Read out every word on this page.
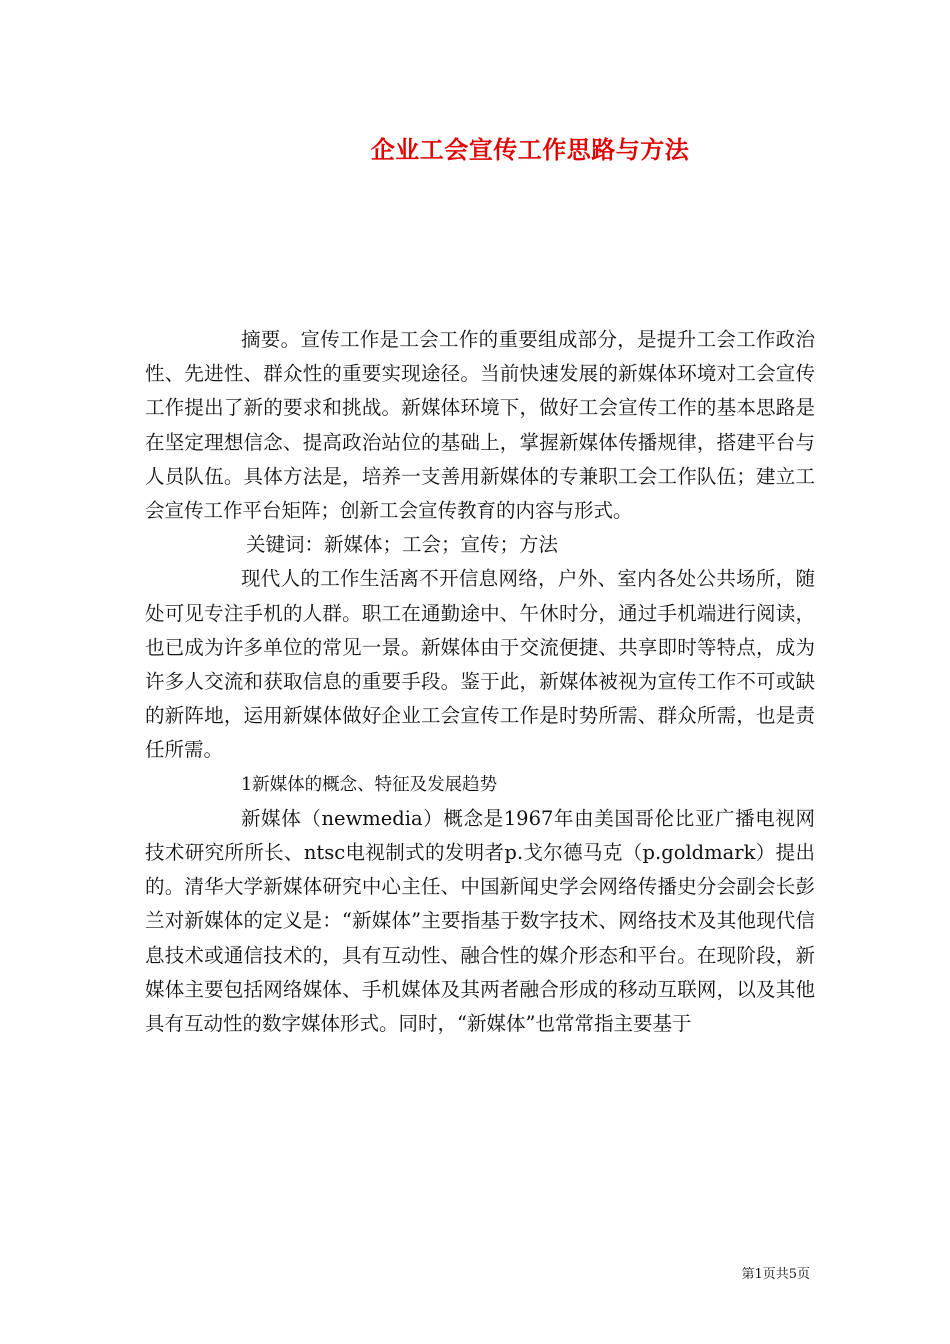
企业工会宣传工作思路与方法

摘要。宣传工作是工会工作的重要组成部分，是提升工会工作政治性、先进性、群众性的重要实现途径。当前快速发展的新媒体环境对工会宣传工作提出了新的要求和挑战。新媒体环境下，做好工会宣传工作的基本思路是在坚定理想信念、提高政治站位的基础上，掌握新媒体传播规律，搭建平台与人员队伍。具体方法是，培养一支善用新媒体的专兼职工会工作队伍；建立工会宣传工作平台矩阵；创新工会宣传教育的内容与形式。

关键词：新媒体；工会；宣传；方法

现代人的工作生活离不开信息网络，户外、室内各处公共场所，随处可见专注手机的人群。职工在通勤途中、午休时分，通过手机端进行阅读，也已成为许多单位的常见一景。新媒体由于交流便捷、共享即时等特点，成为许多人交流和获取信息的重要手段。鉴于此，新媒体被视为宣传工作不可或缺的新阵地，运用新媒体做好企业工会宣传工作是时势所需、群众所需，也是责任所需。

1新媒体的概念、特征及发展趋势

新媒体（newmedia）概念是1967年由美国哥伦比亚广播电视网技术研究所所长、ntsc电视制式的发明者p.戈尔德马克（p.goldmark）提出的。清华大学新媒体研究中心主任、中国新闻史学会网络传播史分会副会长彭兰对新媒体的定义是：“新媒体”主要指基于数字技术、网络技术及其他现代信息技术或通信技术的，具有互动性、融合性的媒介形态和平台。在现阶段，新媒体主要包括网络媒体、手机媒体及其两者融合形成的移动互联网，以及其他具有互动性的数字媒体形式。同时，“新媒体”也常常指主要基于

第1页共5页
